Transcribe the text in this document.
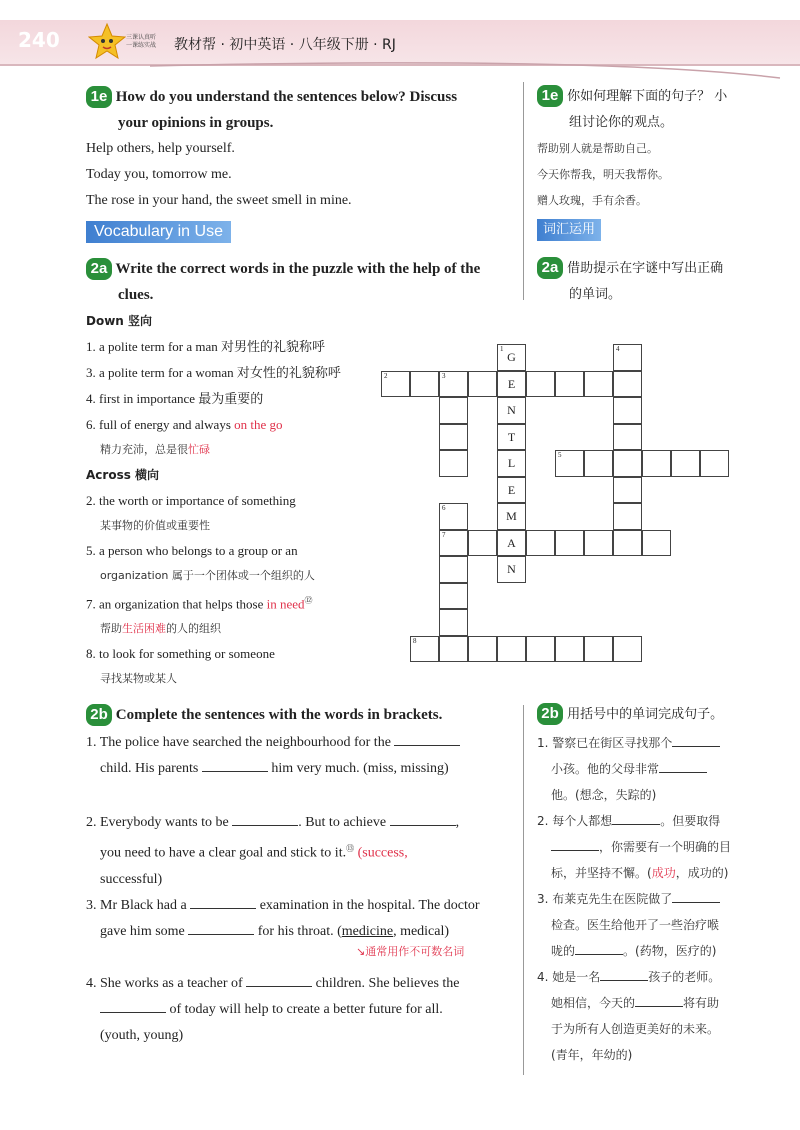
240	三课认真听
一课练实战 教材帮 · 初中英语 · 八年级下册 · RJ
1e How do you understand the sentences below? Discuss
your opinions in groups.
Help others, help yourself.
Today you, tomorrow me.
The rose in your hand, the sweet smell in mine.
1e 你如何理解下面的句子？ 小
组讨论你的观点。
帮助别人就是帮助自己。
今天你帮我，明天我帮你。
赠人玫瑰，手有余香。
Vocabulary in Use	词汇运用
2a Write the correct words in the puzzle with the help of the
clues.
2a 借助提示在字谜中写出正确
的单词。
Down 竖向
1. a polite term for a man 对男性的礼貌称呼
3. a polite term for a woman 对女性的礼貌称呼
4. first in importance 最为重要的
6. full of energy and always on the go
精力充沛，总是很忙碌
Across 横向
2. the worth or importance of something
某事物的价值或重要性
5. a person who belongs to a group or an
organization 属于一个团体或一个组织的人
7. an organization that helps those in need⑫
帮助生活困难的人的组织
8. to look for something or someone
寻找某物或某人
G
1
E
N
T
L
E
M
A
N
2	3
4
5
6
7
8
2b Complete the sentences with the words in brackets.	2b 用括号中的单词完成句子。
1. The police have searched the neighbourhood for the
child. His parents	him very much. (miss, missing)
2. Everybody wants to be	. But to achieve	,
you need to have a clear goal and stick to it.⑬ (success,
successful)
3. Mr Black had a	examination in the hospital. The doctor
gave him some	for his throat. (medicine, medical)
↘通常用作不可数名词
4. She works as a teacher of	children. She believes the
of today will help to create a better future for all.
(youth, young)
1. 警察已在街区寻找那个
小孩。他的父母非常
他。(想念，失踪的)
2. 每个人都想	。但要取得
，你需要有一个明确的目
标，并坚持不懈。(成功，成功的)
3. 布莱克先生在医院做了
检查。医生给他开了一些治疗喉
咙的	。(药物，医疗的)
4. 她是一名	孩子的老师。
她相信，今天的	将有助
于为所有人创造更美好的未来。
(青年，年幼的)
